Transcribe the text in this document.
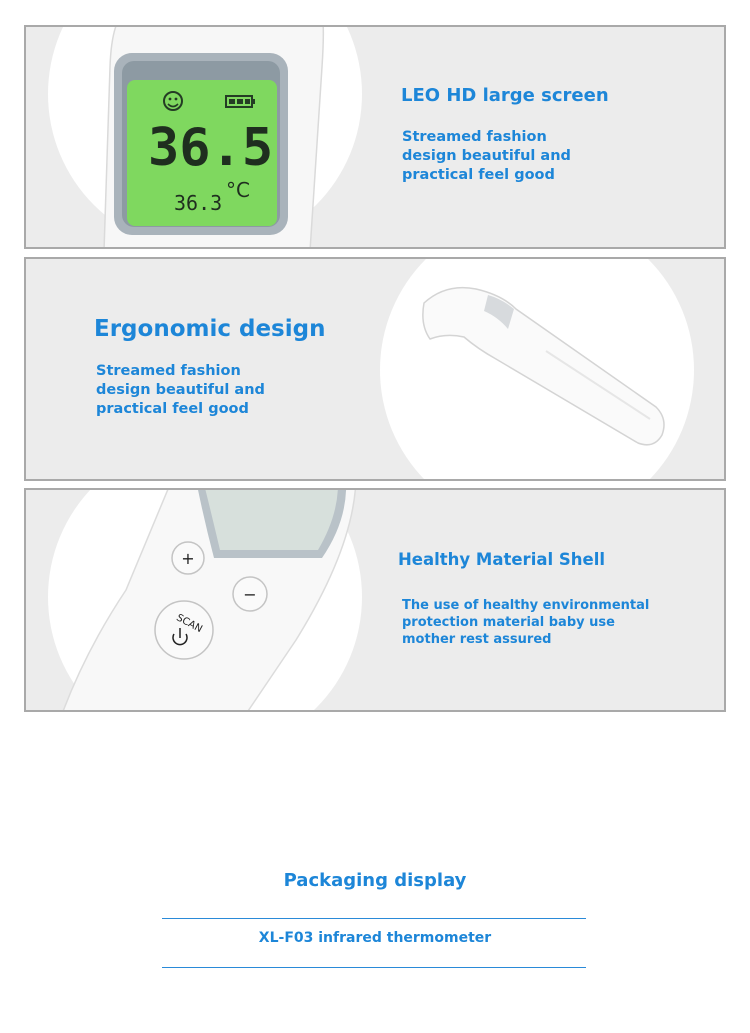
36.5
36.3
°C
LEO HD large screen
Streamed fashion
design beautiful and
practical feel good
Ergonomic design
Streamed fashion
design beautiful and
practical feel good
+
−
SCAN
Healthy Material Shell
The use of healthy environmental
protection material baby use
mother rest assured
Packaging display
XL-F03 infrared thermometer
